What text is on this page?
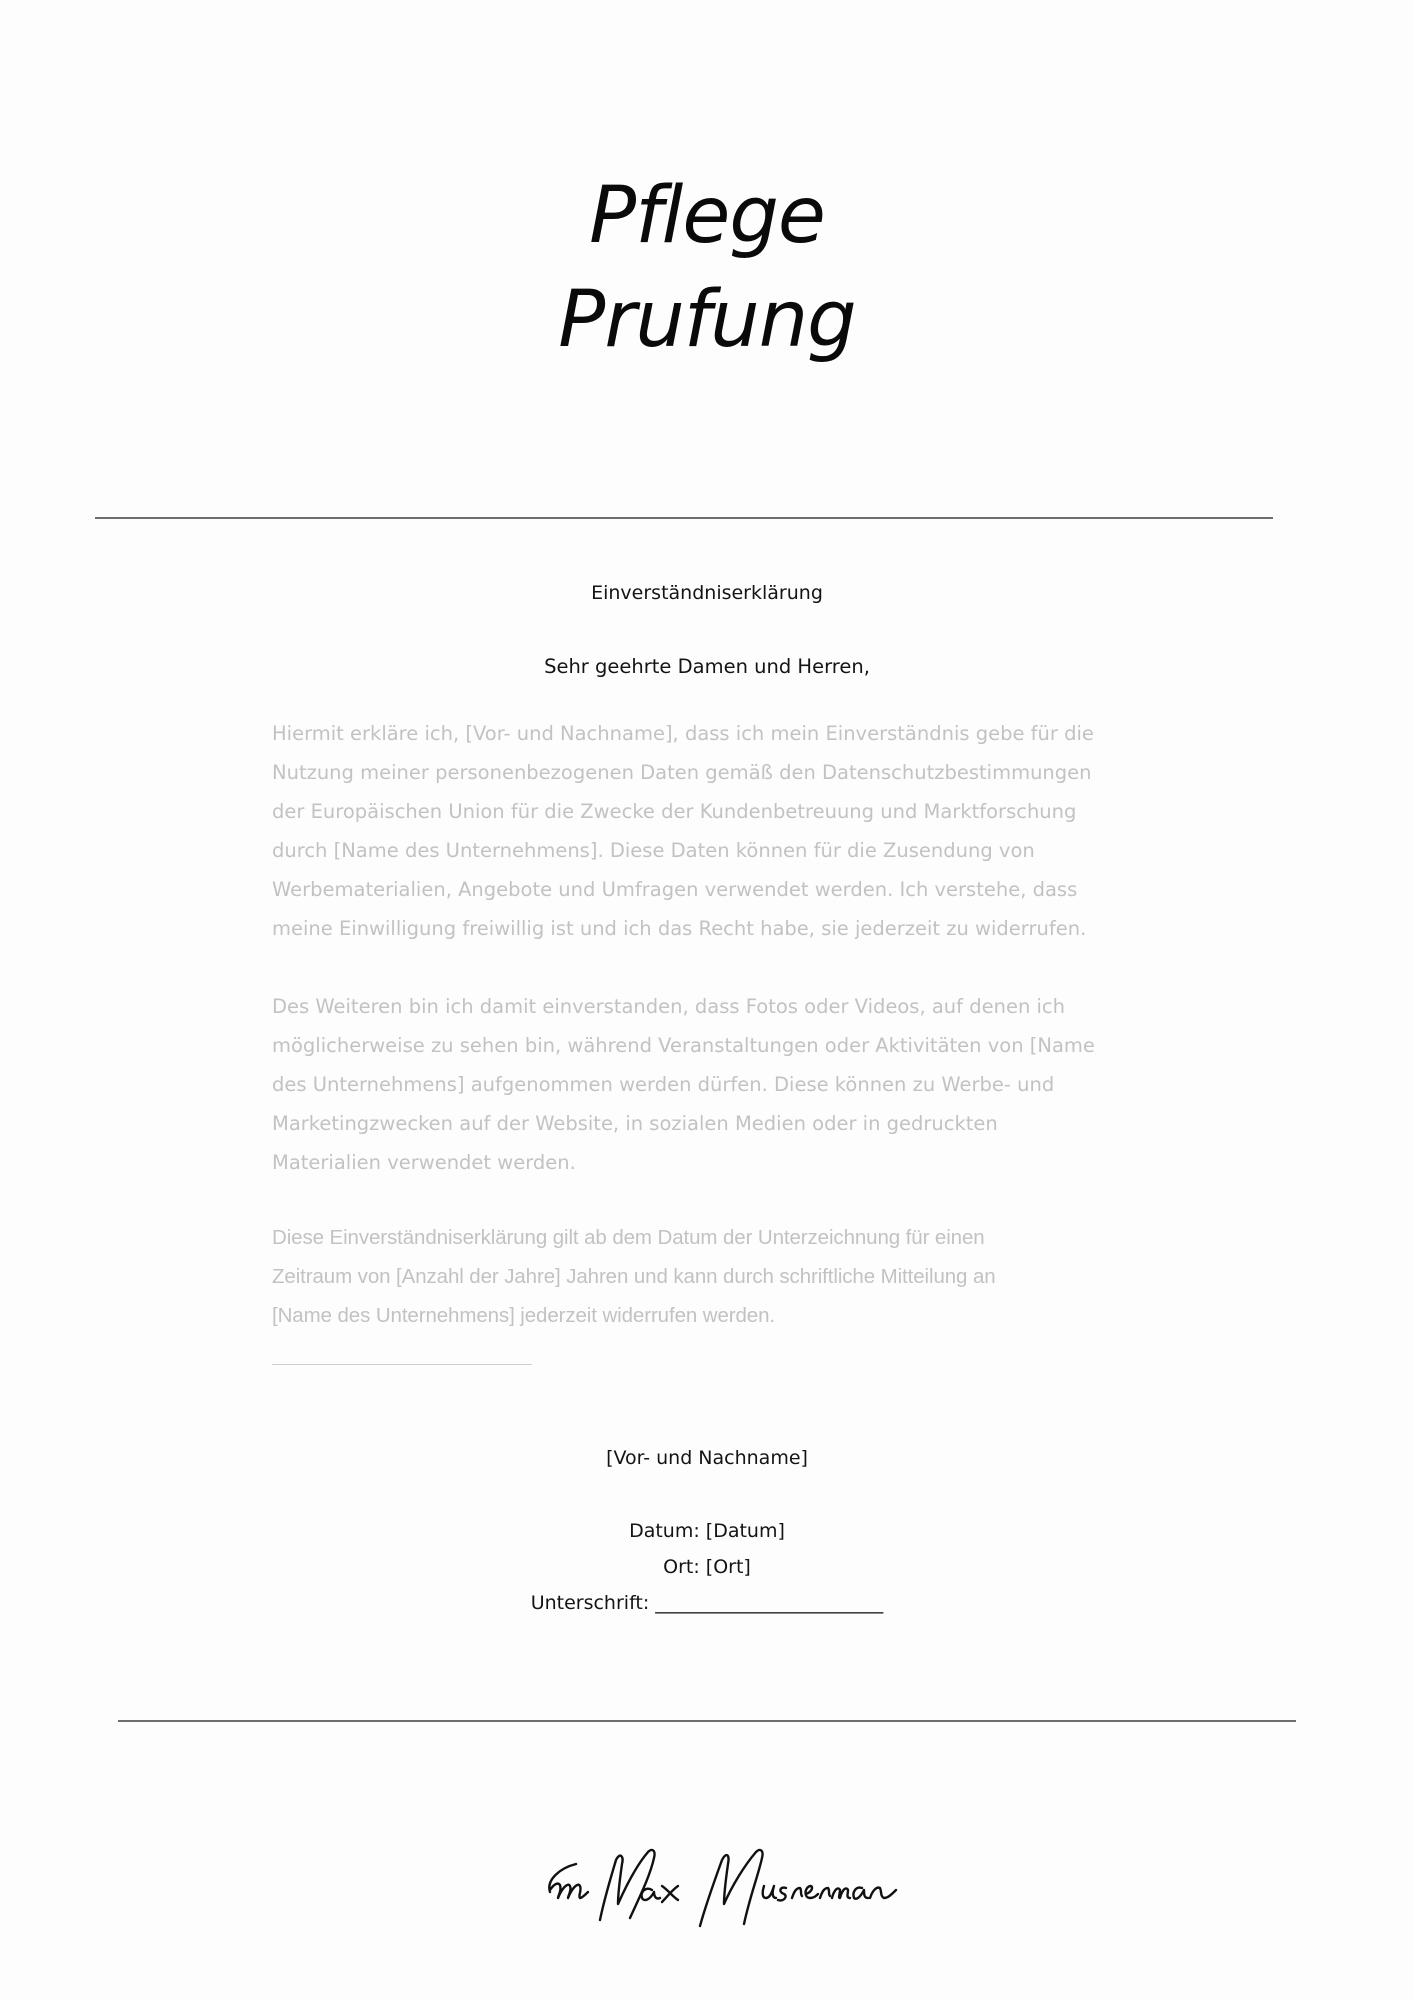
Pflege
Prufung
Einverständniserklärung
Sehr geehrte Damen und Herren,

Hiermit erkläre ich, [Vor- und Nachname], dass ich mein Einverständnis gebe für die

Nutzung meiner personenbezogenen Daten gemäß den Datenschutzbestimmungen

der Europäischen Union für die Zwecke der Kundenbetreuung und Marktforschung

durch [Name des Unternehmens]. Diese Daten können für die Zusendung von

Werbematerialien, Angebote und Umfragen verwendet werden. Ich verstehe, dass

meine Einwilligung freiwillig ist und ich das Recht habe, sie jederzeit zu widerrufen.

Des Weiteren bin ich damit einverstanden, dass Fotos oder Videos, auf denen ich

möglicherweise zu sehen bin, während Veranstaltungen oder Aktivitäten von [Name

des Unternehmens] aufgenommen werden dürfen. Diese können zu Werbe- und

Marketingzwecken auf der Website, in sozialen Medien oder in gedruckten

Materialien verwendet werden.

Diese Einverständniserklärung gilt ab dem Datum der Unterzeichnung für einen

Zeitraum von [Anzahl der Jahre] Jahren und kann durch schriftliche Mitteilung an

[Name des Unternehmens] jederzeit widerrufen werden.

[Vor- und Nachname]
Datum: [Datum]
Ort: [Ort]
Unterschrift: ________________________
